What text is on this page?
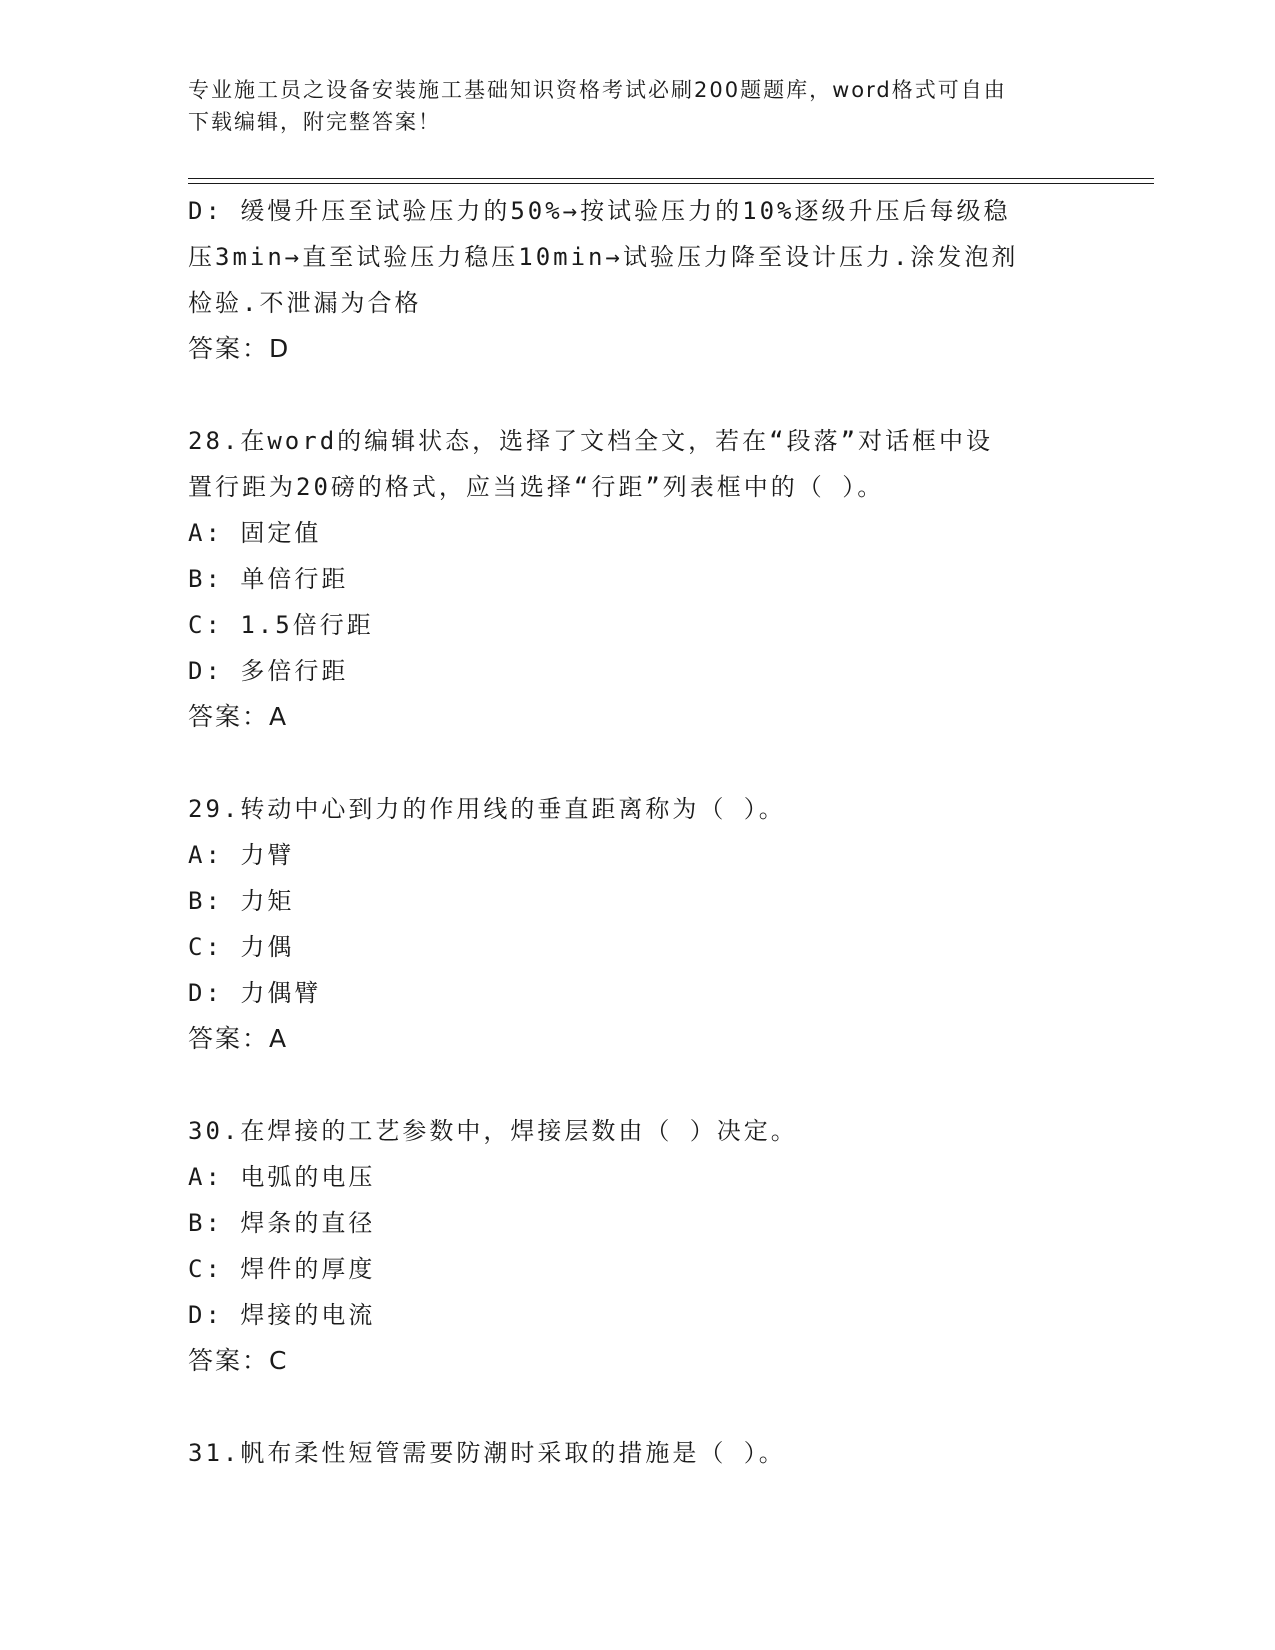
专业施工员之设备安装施工基础知识资格考试必刷200题题库，word格式可自由
下载编辑，附完整答案！
D: 缓慢升压至试验压力的50%→按试验压力的10%逐级升压后每级稳
压3min→直至试验压力稳压10min→试验压力降至设计压力.涂发泡剂
检验.不泄漏为合格
答案：D
28.在word的编辑状态，选择了文档全文，若在“段落”对话框中设
置行距为20磅的格式，应当选择“行距”列表框中的（ ）。
A: 固定值
B: 单倍行距
C: 1.5倍行距
D: 多倍行距
答案：A
29.转动中心到力的作用线的垂直距离称为（ ）。
A: 力臂
B: 力矩
C: 力偶
D: 力偶臂
答案：A
30.在焊接的工艺参数中，焊接层数由（ ）决定。
A: 电弧的电压
B: 焊条的直径
C: 焊件的厚度
D: 焊接的电流
答案：C
31.帆布柔性短管需要防潮时采取的措施是（ ）。
